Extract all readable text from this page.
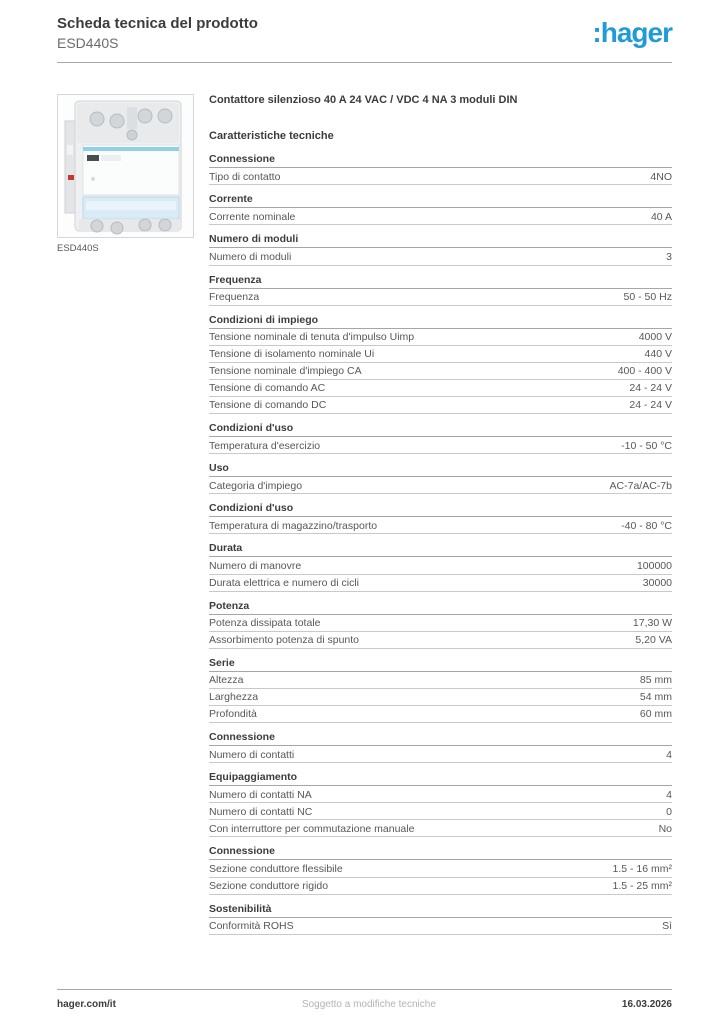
Scheda tecnica del prodotto
ESD440S	:hager
ESD440S
Contattore silenzioso 40 A 24 VAC / VDC 4 NA 3 moduli DIN
Caratteristiche tecniche
Connessione
Tipo di contatto	4NO
Corrente
Corrente nominale	40 A
Numero di moduli
Numero di moduli	3
Frequenza
Frequenza	50 - 50 Hz
Condizioni di impiego
Tensione nominale di tenuta d'impulso Uimp	4000 V
Tensione di isolamento nominale Ui	440 V
Tensione nominale d'impiego CA	400 - 400 V
Tensione di comando AC	24 - 24 V
Tensione di comando DC	24 - 24 V
Condizioni d'uso
Temperatura d'esercizio	-10 - 50 °C
Uso
Categoria d'impiego	AC-7a/AC-7b
Condizioni d'uso
Temperatura di magazzino/trasporto	-40 - 80 °C
Durata
Numero di manovre	100000
Durata elettrica e numero di cicli	30000
Potenza
Potenza dissipata totale	17,30 W
Assorbimento potenza di spunto	5,20 VA
Serie
Altezza	85 mm
Larghezza	54 mm
Profondità	60 mm
Connessione
Numero di contatti	4
Equipaggiamento
Numero di contatti NA	4
Numero di contatti NC	0
Con interruttore per commutazione manuale	No
Connessione
Sezione conduttore flessibile	1.5 - 16 mm²
Sezione conduttore rigido	1.5 - 25 mm²
Sostenibilità
Conformità ROHS	Sì
hager.com/it	Soggetto a modifiche tecniche	16.03.2026
